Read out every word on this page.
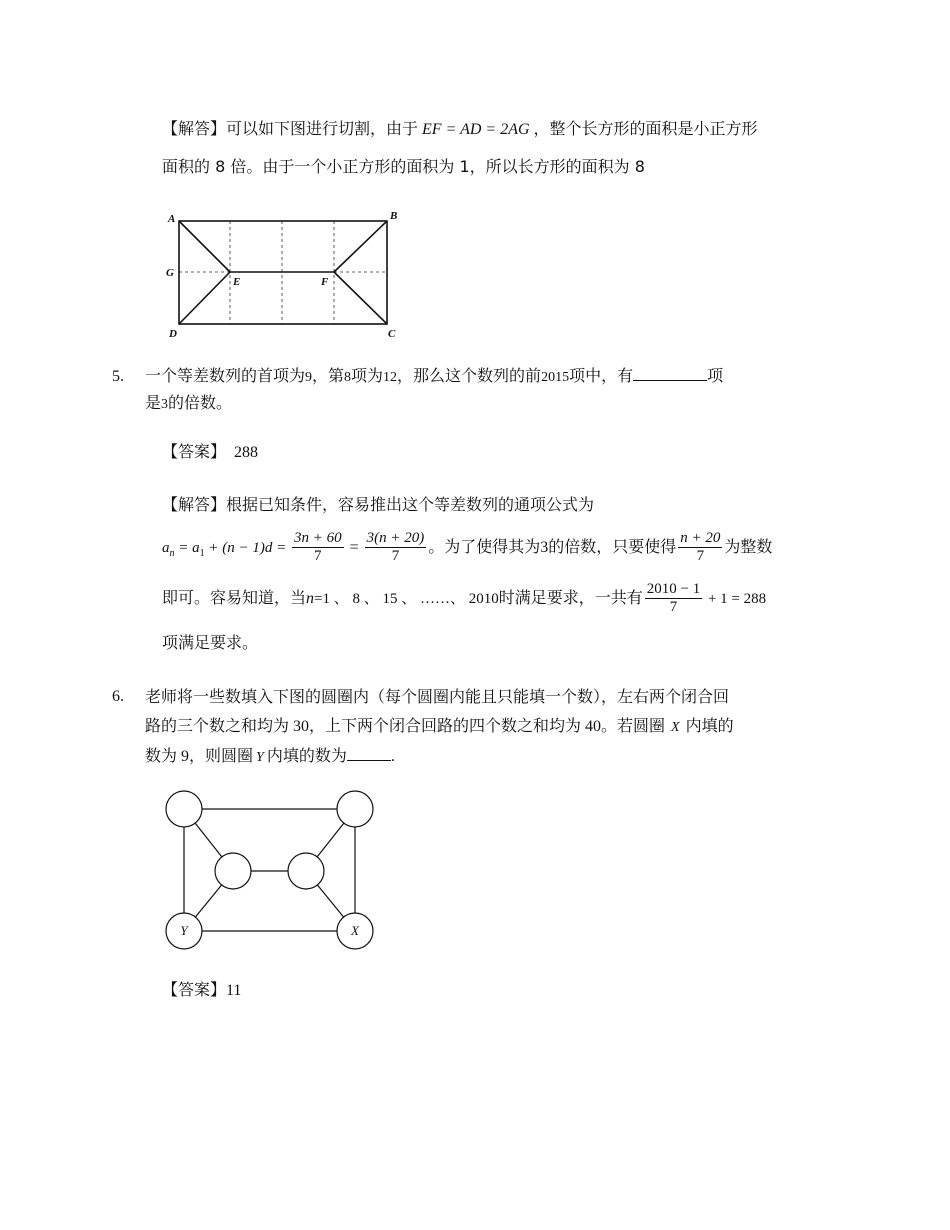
【解答】可以如下图进行切割，由于 EF = AD = 2AG ，整个长方形的面积是小正方形
面积的 8 倍。由于一个小正方形的面积为 1，所以长方形的面积为 8
A	B
C
D
E	F
G
5. 一个等差数列的首项为9，第8项为12，那么这个数列的前2015项中，有	项
是3的倍数。
【答案】 288
【解答】根据已知条件，容易推出这个等差数列的通项公式为
$a_n = a_1 + (n - 1)d = \frac{3n + 60}{7} = \frac{3(n + 20)}{7}$ 。为了使得其为3的倍数，只要使得 $\frac{n + 20}{7}$ 为整数
即可。容易知道，当n=1 、 8 、 15 、 ……、 2010时满足要求，一共有 $\frac{2010 - 1}{7} + 1 = 288$
项满足要求。
6. 老师将一些数填入下图的圆圈内（每个圆圈内能且只能填一个数），左右两个闭合回
路的三个数之和均为 30，上下两个闭合回路的四个数之和均为 40。若圆圈 X 内填的
数为 9，则圆圈 Y 内填的数为	.
Y	X
【答案】11
